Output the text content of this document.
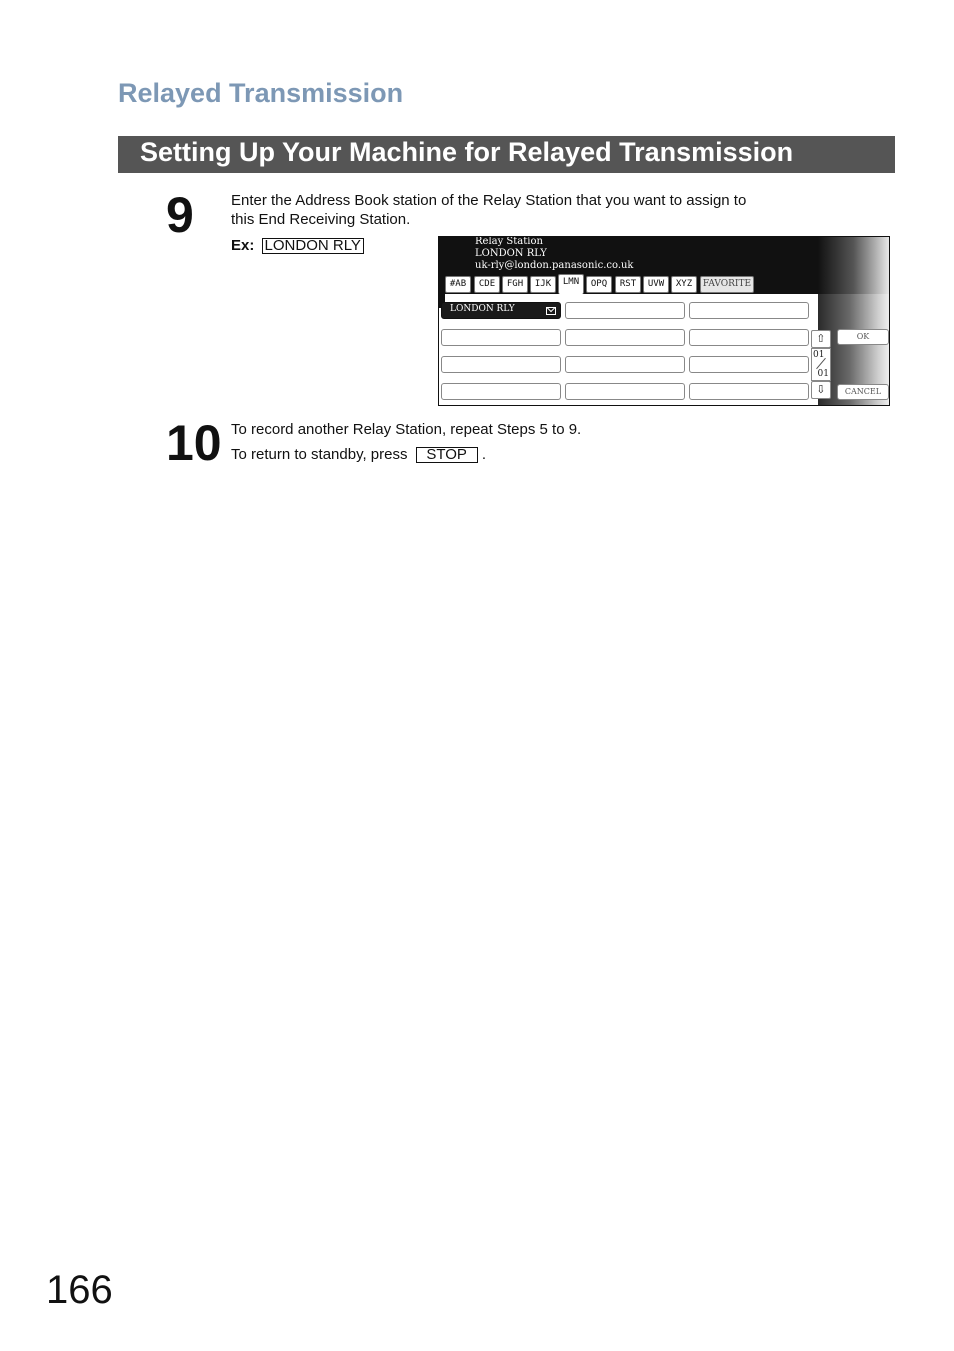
Relayed Transmission
Setting Up Your Machine for Relayed Transmission
9 Enter the Address Book station of the Relay Station that you want to assign to
this End Receiving Station.
Ex: LONDON RLY	Relay Station
LONDON RLY
uk-rly@london.panasonic.co.uk
#AB	CDE	FGH	IJK	LMN	OPQ	RST	UVW	XYZ	FAVORITE
LONDON RLY
⇧
01
01
⇩
OK
CANCEL
10 To record another Relay Station, repeat Steps 5 to 9.
To return to standby, press STOP .
166
